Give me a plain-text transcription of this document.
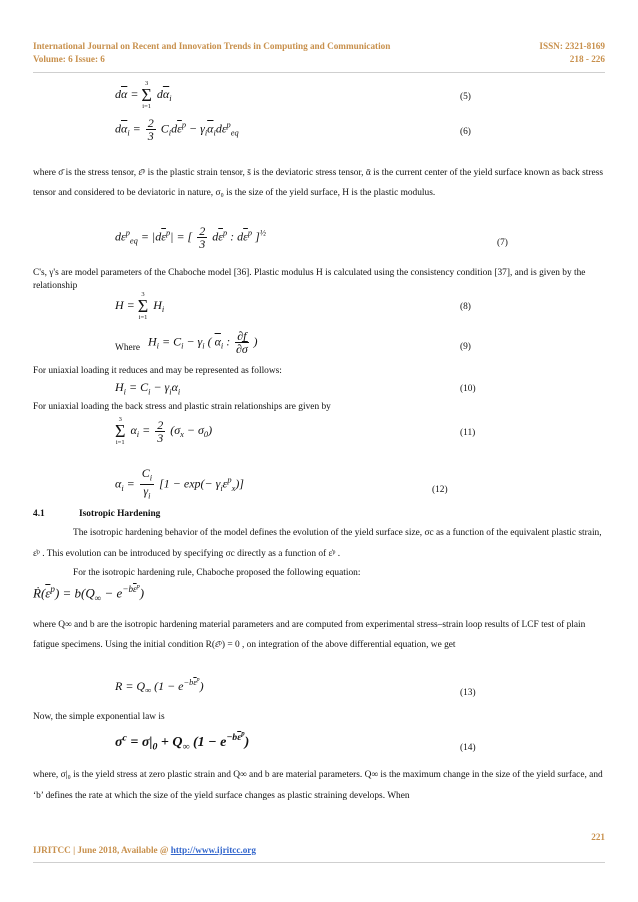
International Journal on Recent and Innovation Trends in Computing and Communication	ISSN: 2321-8169
Volume: 6 Issue: 6	218 - 226
$d\overline{\alpha}$ =
3
Σ
i=1
$d\overline{\alpha}_i$	(5)
$d\overline{\alpha}_i = \frac{2}{3} C_id\overline{\varepsilon}^p - \gamma_i\overline{\alpha}_id\varepsilon^p_{eq}$	(6)
where σ̄ is the stress tensor, ε̄ᵖ is the plastic strain tensor, s̄ is the deviatoric stress tensor, ᾱ is the current center of the yield surface known as back stress tensor and considered to be deviatoric in nature, σ₀ is the size of the yield surface, H is the plastic modulus.
$d\varepsilon^p_{eq} = |d\overline{\varepsilon}^p|$ = [ $\frac{2}{3} d\overline{\varepsilon}^p$ : $d\overline{\varepsilon}^p$ ]$^{\frac{1}{2}}$
(7)
C's, γ's are model parameters of the Chaboche model [36]. Plastic modulus H is calculated using the consistency condition [37], and is given by the relationship
H =
3
Σ
i=1
$H_i$	(8)
Where $H_i = C_i - \gamma_i$ ( $\overline{\alpha}_i$ : $\frac{\partial f}{\partial\overline{\sigma}}$ )	(9)
For uniaxial loading it reduces and may be represented as follows:
$H_i = C_i - \gamma_i\alpha_i$	(10)
For uniaxial loading the back stress and plastic strain relationships are given by
3
Σ
i=1
$\alpha_i = \frac{2}{3} (\sigma_x - \sigma_0)$	(11)
$\alpha_i = \frac{C_i}{\gamma_i} [1 - \exp(- \gamma_i\varepsilon^p_x)]$	(12)
4.1	Isotropic Hardening
The isotropic hardening behavior of the model defines the evolution of the yield surface size, σc as a function of the equivalent plastic strain, ε̇ᵖ . This evolution can be introduced by specifying σc directly as a function of ε̇ᵖ .
For the isotropic hardening rule, Chaboche proposed the following equation:
$Ṙ(\overline{\varepsilon}^p) = b(Q_\infty - e^{-b\overline{\varepsilon}^p})$
where Q∞ and b are the isotropic hardening material parameters and are computed from experimental stress–strain loop results of LCF test of plain fatigue specimens. Using the initial condition R(ε̄ᵖ) = 0 , on integration of the above differential equation, we get
$R = Q_\infty$ $(1 - e^{-b\overline{\varepsilon}^p})$
(13)
Now, the simple exponential law is
$\sigma^c = \sigma|_0 + Q_\infty$ $(1 - e^{-b\overline{\varepsilon}^p})$	(14)
where, σ|₀ is the yield stress at zero plastic strain and Q∞ and b are material parameters. Q∞ is the maximum change in the size of the yield surface, and ‘b’ defines the rate at which the size of the yield surface changes as plastic straining develops. When
221
IJRITCC | June 2018, Available @ http://www.ijritcc.org
